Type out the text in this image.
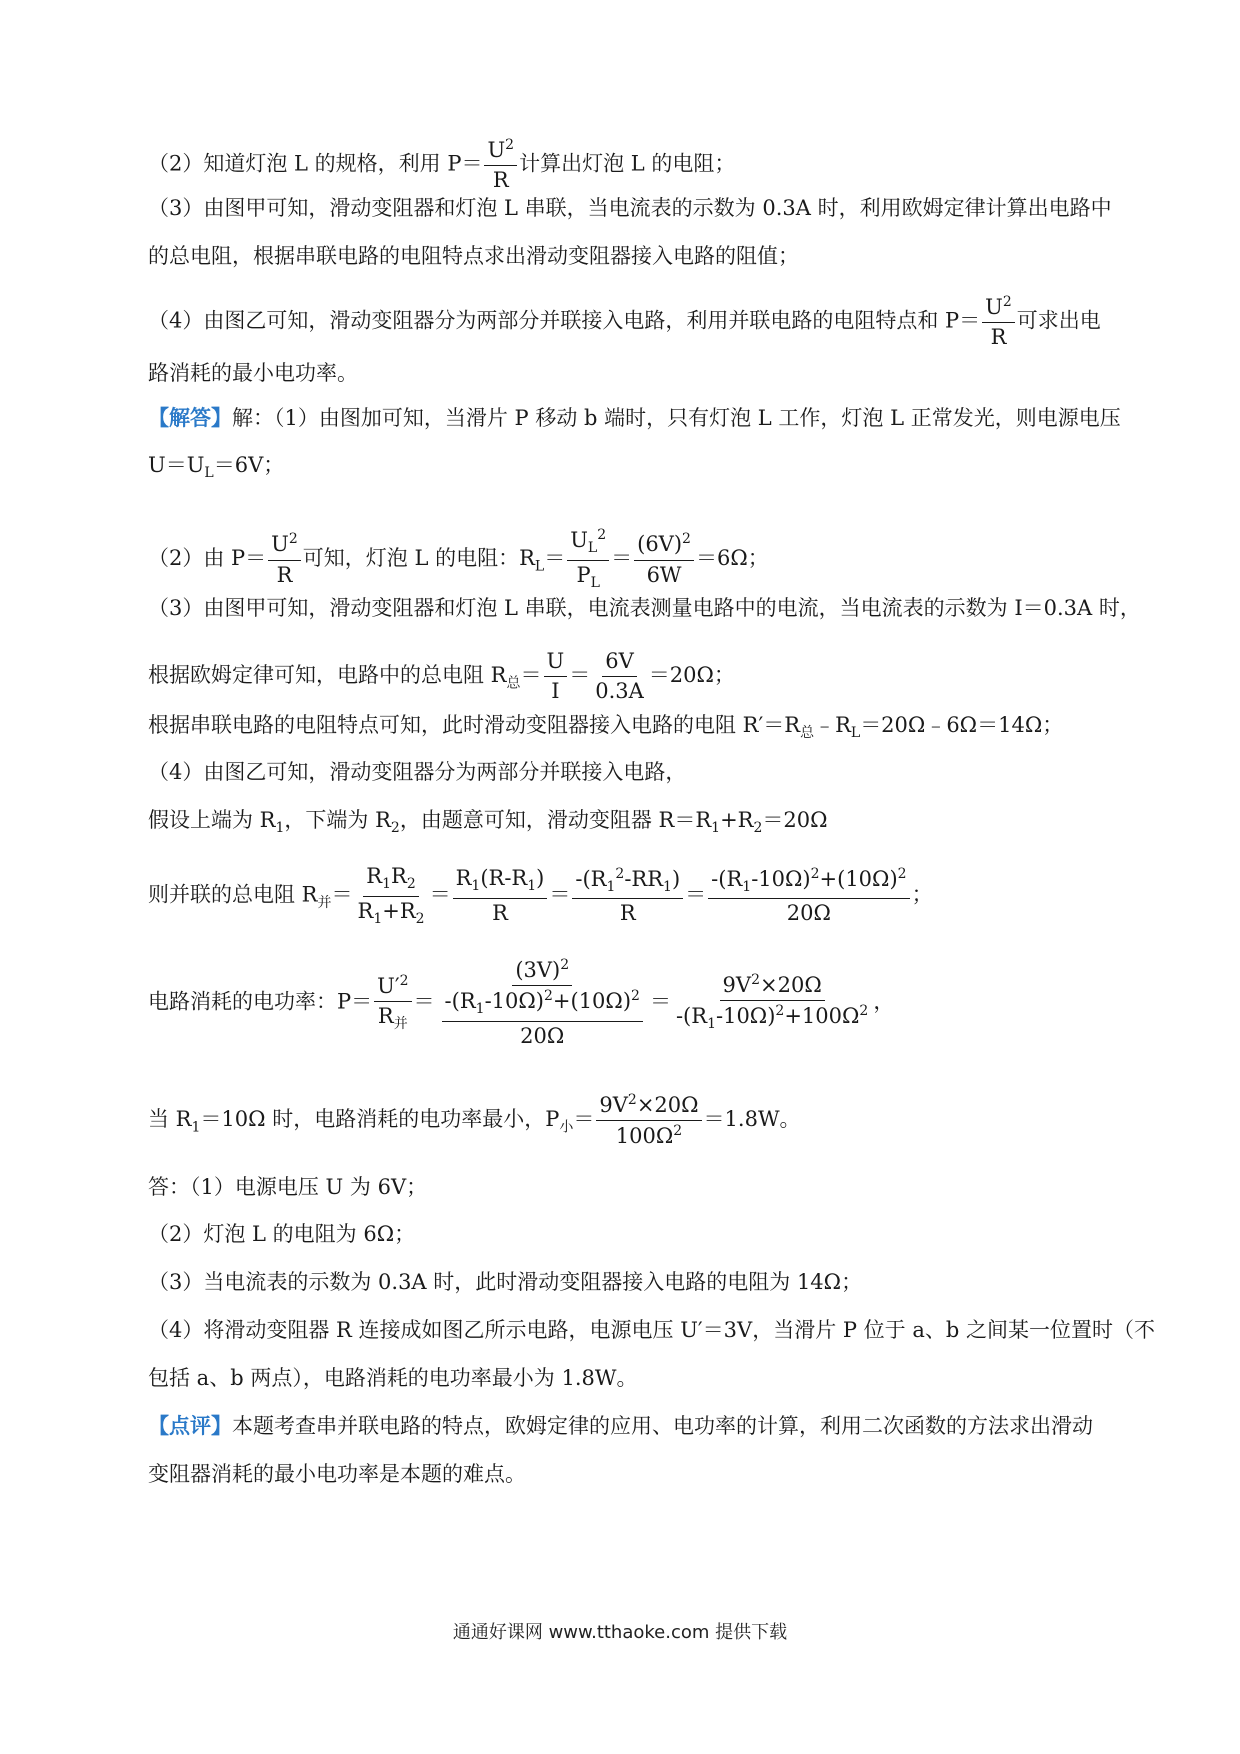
（2）知道灯泡 L 的规格，利用 $P= \frac{U^2}{R}$ 计算出灯泡 L 的电阻；
（3）由图甲可知，滑动变阻器和灯泡 L 串联，当电流表的示数为 0.3A 时，利用欧姆定律计算出电路中
的总电阻，根据串联电路的电阻特点求出滑动变阻器接入电路的阻值；
（4）由图乙可知，滑动变阻器分为两部分并联接入电路，利用并联电路的电阻特点和 $P= \frac{U^2}{R}$ 可求出电
路消耗的最小电功率。
【解答】解：（1）由图加可知，当滑片 P 移动 b 端时，只有灯泡 L 工作，灯泡 L 正常发光，则电源电压
$U=U_L=6V$；
（2）由 $P= \frac{U^2}{R}$ 可知，灯泡 L 的电阻：$R_L= \frac{U_L^2}{P_L} = \frac{(6V)^2}{6W} =6\Omega$；
（3）由图甲可知，滑动变阻器和灯泡 L 串联，电流表测量电路中的电流，当电流表的示数为 I＝0.3A 时，
根据欧姆定律可知，电路中的总电阻 $R_总= \frac{U}{I} = \frac{6V}{0.3A} =20\Omega$；
根据串联电路的电阻特点可知，此时滑动变阻器接入电路的电阻 $R'=R_总﹣R_L=20\Omega﹣6\Omega=14\Omega$；
（4）由图乙可知，滑动变阻器分为两部分并联接入电路，
假设上端为 $R_1$，下端为 $R_2$，由题意可知，滑动变阻器 $R=R_1+R_2=20\Omega$
则并联的总电阻 $R_并= \frac{R_1R_2}{R_1+R_2} = \frac{R_1(R-R_1)}{R} = \frac{-(R_1^2-RR_1)}{R} = \frac{-(R_1-10\Omega)^2+(10\Omega)^2}{20\Omega}$ ；
电路消耗的电功率：$P= \frac{U'^2}{R_并} = \frac{(3V)^2}{\frac{-(R_1-10\Omega)^2+(10\Omega)^2}{20\Omega}} = \frac{9V^2\times 20\Omega}{-(R_1-10\Omega)^2+100\Omega^2}$ ，
当 $R_1=10\Omega$ 时，电路消耗的电功率最小，$P_小= \frac{9V^2\times 20\Omega}{100\Omega^2} =1.8W$。
答：（1）电源电压 U 为 6V；
（2）灯泡 L 的电阻为 6Ω；
（3）当电流表的示数为 0.3A 时，此时滑动变阻器接入电路的电阻为 14Ω；
（4）将滑动变阻器 R 连接成如图乙所示电路，电源电压 U′＝3V，当滑片 P 位于 a、b 之间某一位置时（不
包括 a、b 两点），电路消耗的电功率最小为 1.8W。
【点评】本题考查串并联电路的特点，欧姆定律的应用、电功率的计算，利用二次函数的方法求出滑动
变阻器消耗的最小电功率是本题的难点。
通通好课网 www.tthaoke.com 提供下载
